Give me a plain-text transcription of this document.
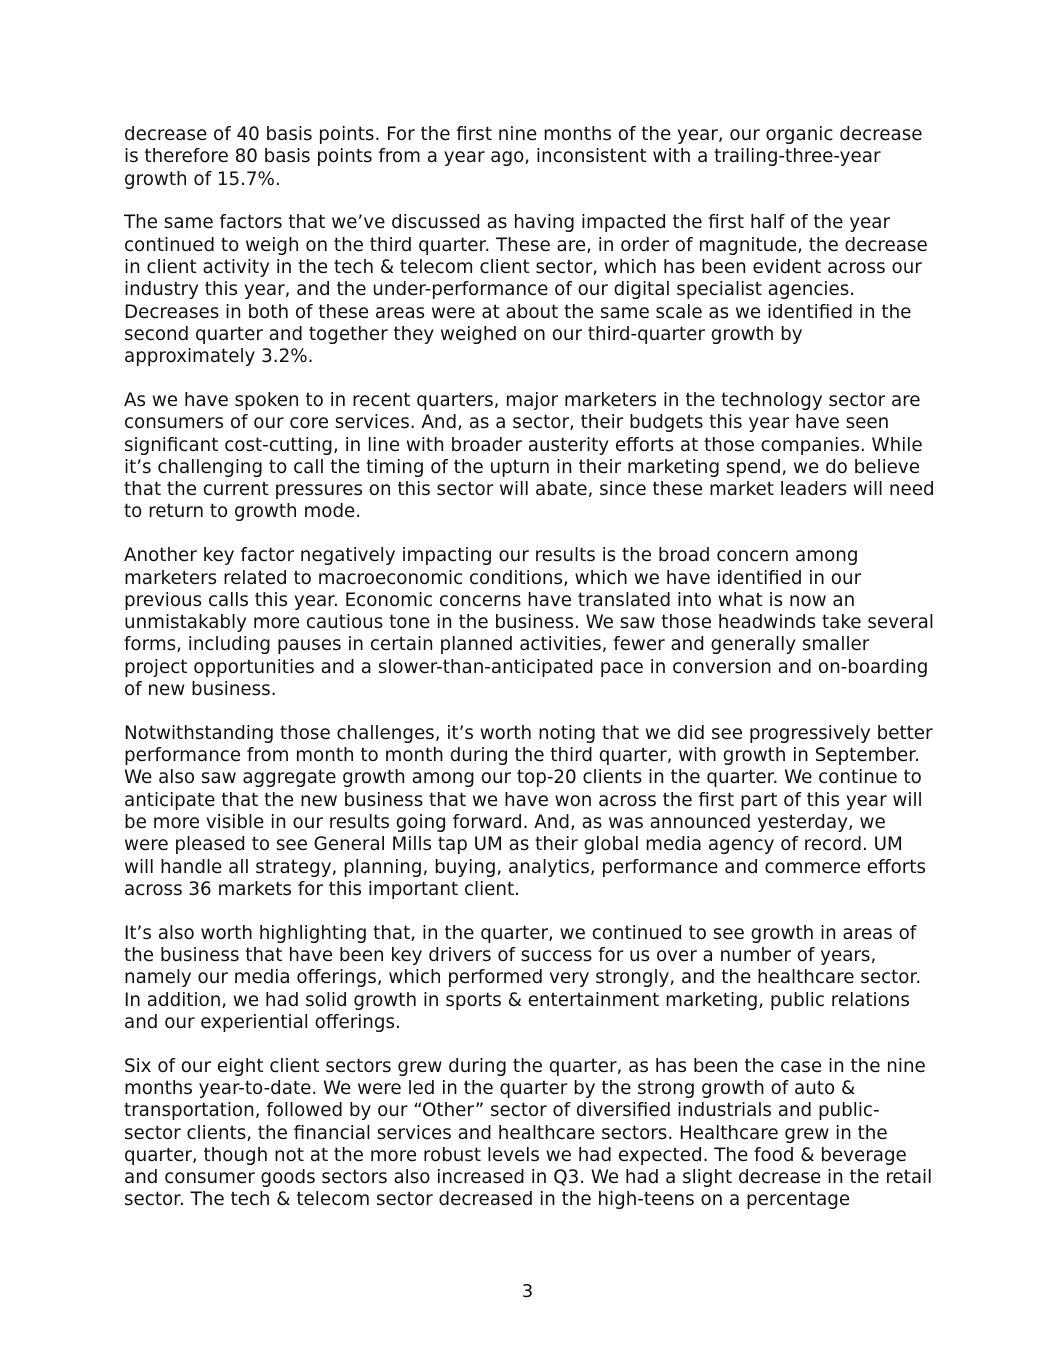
decrease of 40 basis points. For the first nine months of the year, our organic decrease is therefore 80 basis points from a year ago, inconsistent with a trailing-three-year growth of 15.7%.

The same factors that we’ve discussed as having impacted the first half of the year continued to weigh on the third quarter. These are, in order of magnitude, the decrease in client activity in the tech & telecom client sector, which has been evident across our industry this year, and the under-performance of our digital specialist agencies. Decreases in both of these areas were at about the same scale as we identified in the second quarter and together they weighed on our third-quarter growth by approximately 3.2%.

As we have spoken to in recent quarters, major marketers in the technology sector are consumers of our core services. And, as a sector, their budgets this year have seen significant cost-cutting, in line with broader austerity efforts at those companies. While it’s challenging to call the timing of the upturn in their marketing spend, we do believe that the current pressures on this sector will abate, since these market leaders will need to return to growth mode.

Another key factor negatively impacting our results is the broad concern among marketers related to macroeconomic conditions, which we have identified in our previous calls this year. Economic concerns have translated into what is now an unmistakably more cautious tone in the business. We saw those headwinds take several forms, including pauses in certain planned activities, fewer and generally smaller project opportunities and a slower-than-anticipated pace in conversion and on-boarding of new business.

Notwithstanding those challenges, it’s worth noting that we did see progressively better performance from month to month during the third quarter, with growth in September. We also saw aggregate growth among our top-20 clients in the quarter. We continue to anticipate that the new business that we have won across the first part of this year will be more visible in our results going forward. And, as was announced yesterday, we were pleased to see General Mills tap UM as their global media agency of record. UM will handle all strategy, planning, buying, analytics, performance and commerce efforts across 36 markets for this important client.

It’s also worth highlighting that, in the quarter, we continued to see growth in areas of the business that have been key drivers of success for us over a number of years, namely our media offerings, which performed very strongly, and the healthcare sector. In addition, we had solid growth in sports & entertainment marketing, public relations and our experiential offerings.

Six of our eight client sectors grew during the quarter, as has been the case in the nine months year-to-date. We were led in the quarter by the strong growth of auto & transportation, followed by our “Other” sector of diversified industrials and public-sector clients, the financial services and healthcare sectors. Healthcare grew in the quarter, though not at the more robust levels we had expected. The food & beverage and consumer goods sectors also increased in Q3. We had a slight decrease in the retail sector. The tech & telecom sector decreased in the high-teens on a percentage

3
